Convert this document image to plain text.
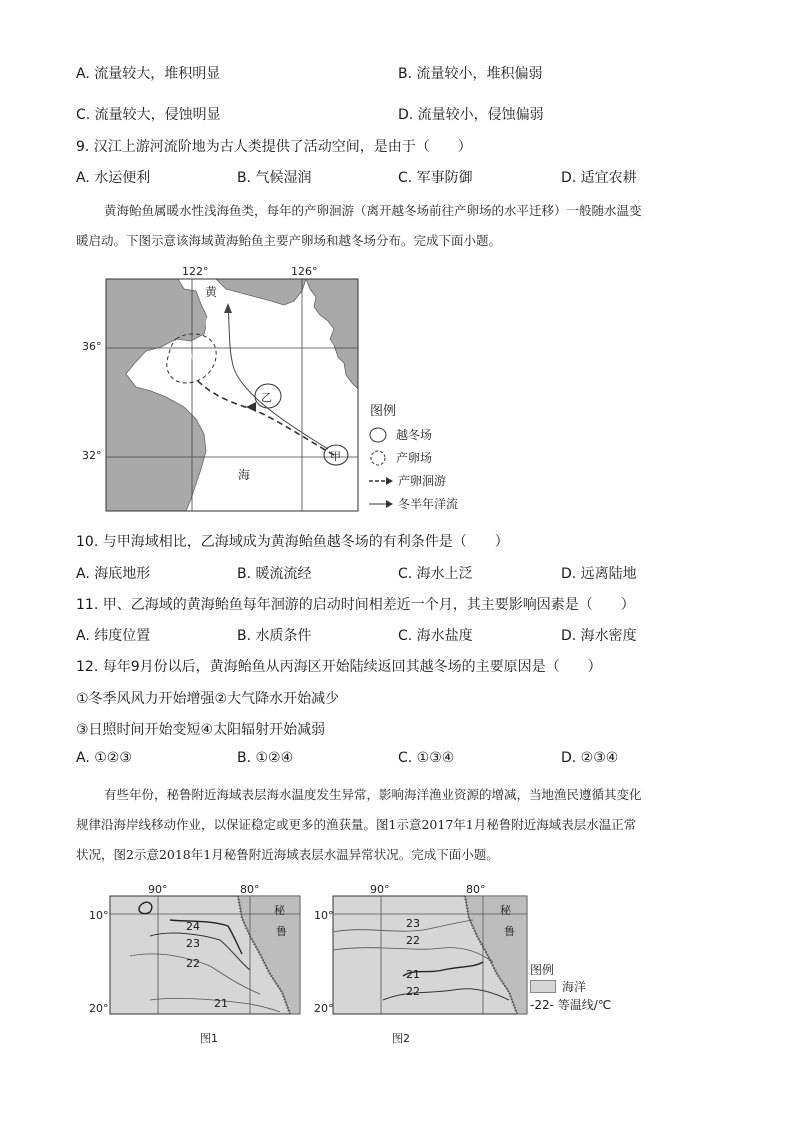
A. 流量较大，堆积明显	B. 流量较小，堆积偏弱
C. 流量较大，侵蚀明显	D. 流量较小，侵蚀偏弱
9. 汉江上游河流阶地为古人类提供了活动空间，是由于（　　）
A. 水运便利	B. 气候湿润	C. 军事防御	D. 适宜农耕
黄海鲐鱼属暖水性浅海鱼类，每年的产卵洄游（离开越冬场前往产卵场的水平迁移）一般随水温变
暖启动。下图示意该海域黄海鲐鱼主要产卵场和越冬场分布。完成下面小题。
122°	126°
36°
32°
黄
海
丙
乙
甲
图例
越冬场
产卵场
产卵洄游
冬半年洋流
10. 与甲海域相比，乙海域成为黄海鲐鱼越冬场的有利条件是（　　）
A. 海底地形	B. 暖流流经	C. 海水上泛	D. 远离陆地
11. 甲、乙海域的黄海鲐鱼每年洄游的启动时间相差近一个月，其主要影响因素是（　　）
A. 纬度位置	B. 水质条件	C. 海水盐度	D. 海水密度
12. 每年9月份以后，黄海鲐鱼从丙海区开始陆续返回其越冬场的主要原因是（　　）
①冬季风风力开始增强②大气降水开始减少
③日照时间开始变短④太阳辐射开始减弱
A. ①②③	B. ①②④	C. ①③④	D. ②③④
有些年份，秘鲁附近海域表层海水温度发生异常，影响海洋渔业资源的增减，当地渔民遵循其变化
规律沿海岸线移动作业，以保证稳定或更多的渔获量。图1示意2017年1月秘鲁附近海域表层水温正常
状况，图2示意2018年1月秘鲁附近海域表层水温异常状况。完成下面小题。
90°	80°
10°
20°
秘
鲁
24
23
22
21
图1
90°	80°
10°
20°
秘
鲁
23
22
21
22
图2
图例
海洋
-22- 等温线/℃
